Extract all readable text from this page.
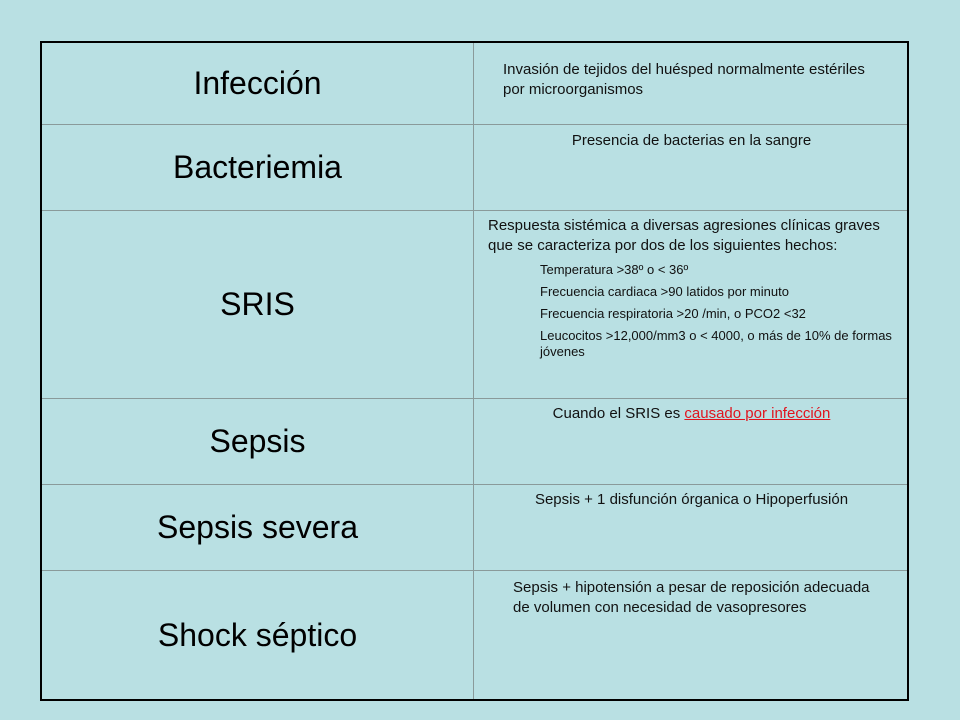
Infección	Invasión de tejidos del huésped normalmente estériles por microorganismos

Bacteriemia

Presencia de bacterias en la sangre

SRIS

Respuesta sistémica a diversas agresiones clínicas graves que se caracteriza por dos de los siguientes hechos:

Temperatura >38º o < 36º
Frecuencia cardiaca >90 latidos por minuto
Frecuencia respiratoria >20 /min, o PCO2 <32
Leucocitos >12,000/mm3 o < 4000, o más de 10% de formas jóvenes
Sepsis

Cuando el SRIS es causado por infección

Sepsis severa

Sepsis + 1 disfunción órganica o Hipoperfusión

Shock séptico

Sepsis + hipotensión a pesar de reposición adecuada de volumen con necesidad de vasopresores
